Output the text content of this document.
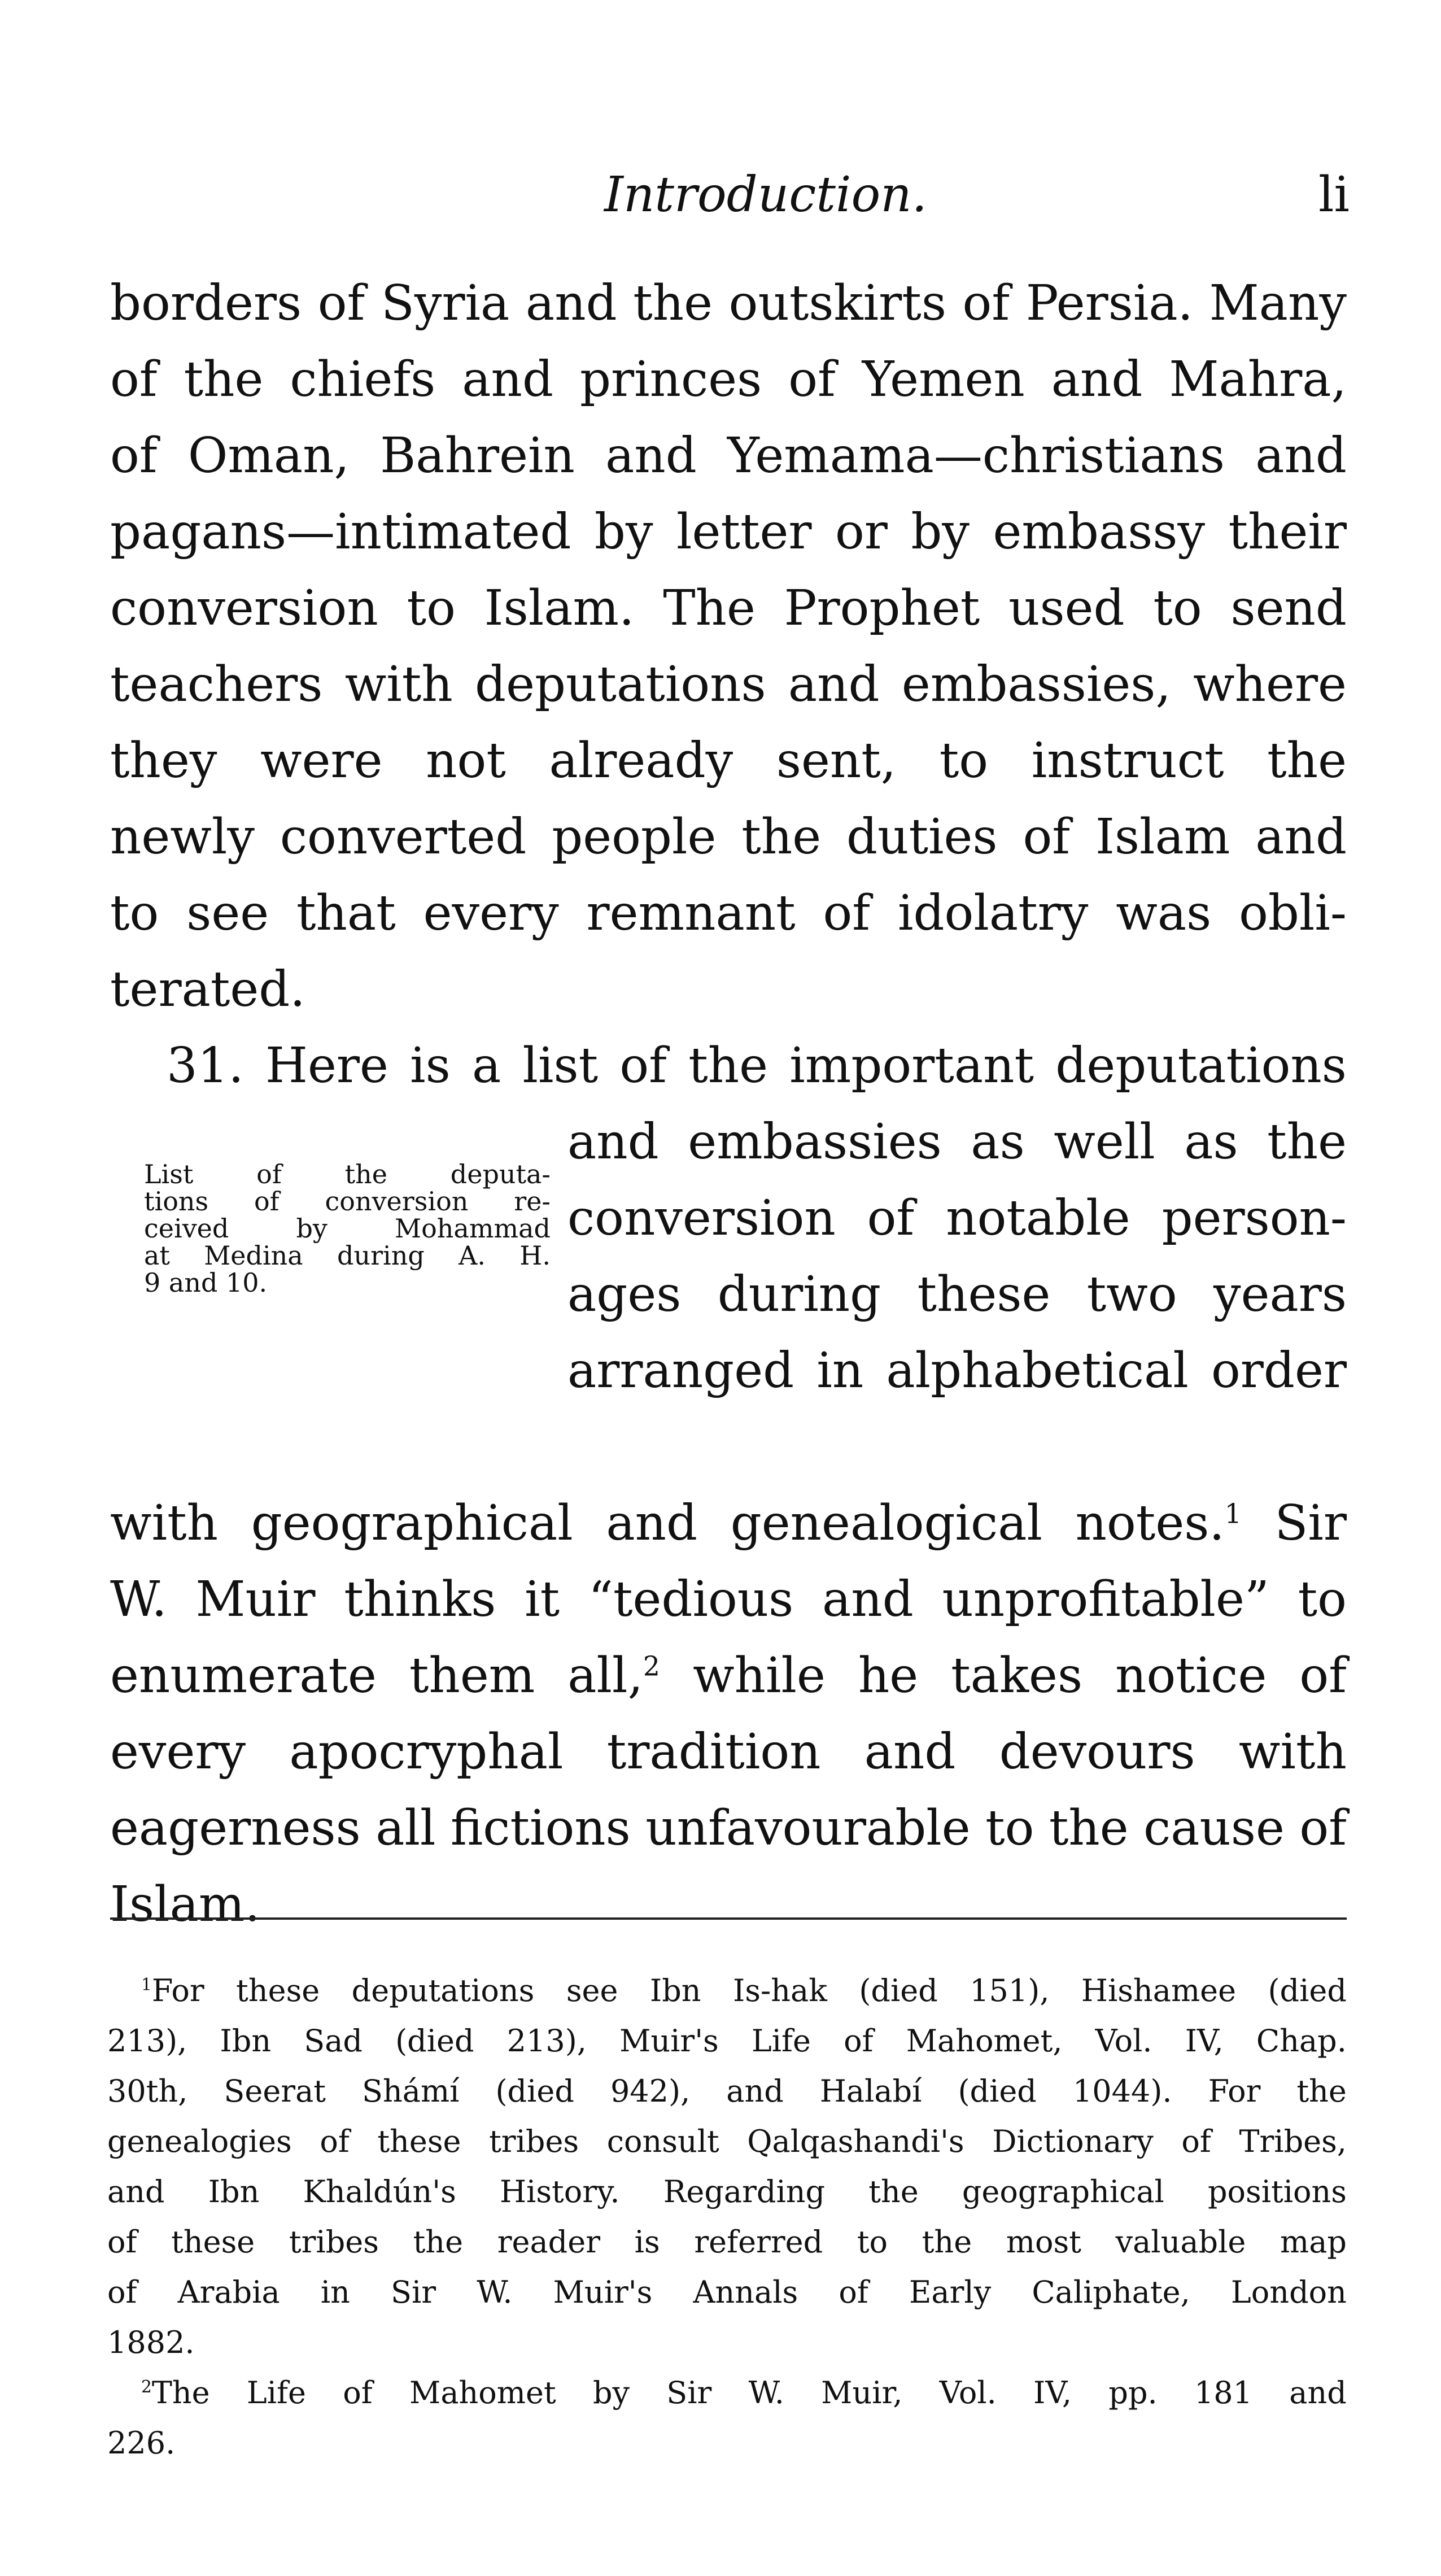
Introduction.	li
borders of Syria and the outskirts of Persia. Many
of the chiefs and princes of Yemen and Mahra,
of Oman, Bahrein and Yemama—christians and
pagans—intimated by letter or by embassy their
conversion to Islam. The Prophet used to send
teachers with deputations and embassies, where
they were not already sent, to instruct the
newly converted people the duties of Islam and
to see that every remnant of idolatry was obli-
terated.
31. Here is a list of the important deputations
List of the deputa-
tions of conversion re-
ceived	by	Mohammad
at Medina during A. H.
9 and 10.
and embassies as well as the
conversion of notable person-
ages during these two years
arranged in alphabetical order
with geographical and genealogical notes.$^1$ Sir
W. Muir thinks it “tedious and unprofitable” to
enumerate them all,$^2$ while he takes notice of
every apocryphal tradition and devours with
eagerness all fictions unfavourable to the cause of
Islam.
$^1$For these deputations see Ibn Is-hak (died 151), Hishamee (died
213), Ibn Sad (died 213), Muir's Life of Mahomet, Vol. IV, Chap.
30th, Seerat Shámí (died 942), and Halabí (died 1044). For the
genealogies of these tribes consult Qalqashandi's Dictionary of Tribes,
and Ibn Khaldún's History. Regarding the geographical positions
of these tribes the reader is referred to the most valuable map
of Arabia in Sir W. Muir's Annals of Early Caliphate, London
1882.
$^2$The Life of Mahomet by Sir W. Muir, Vol. IV, pp. 181 and
226.
